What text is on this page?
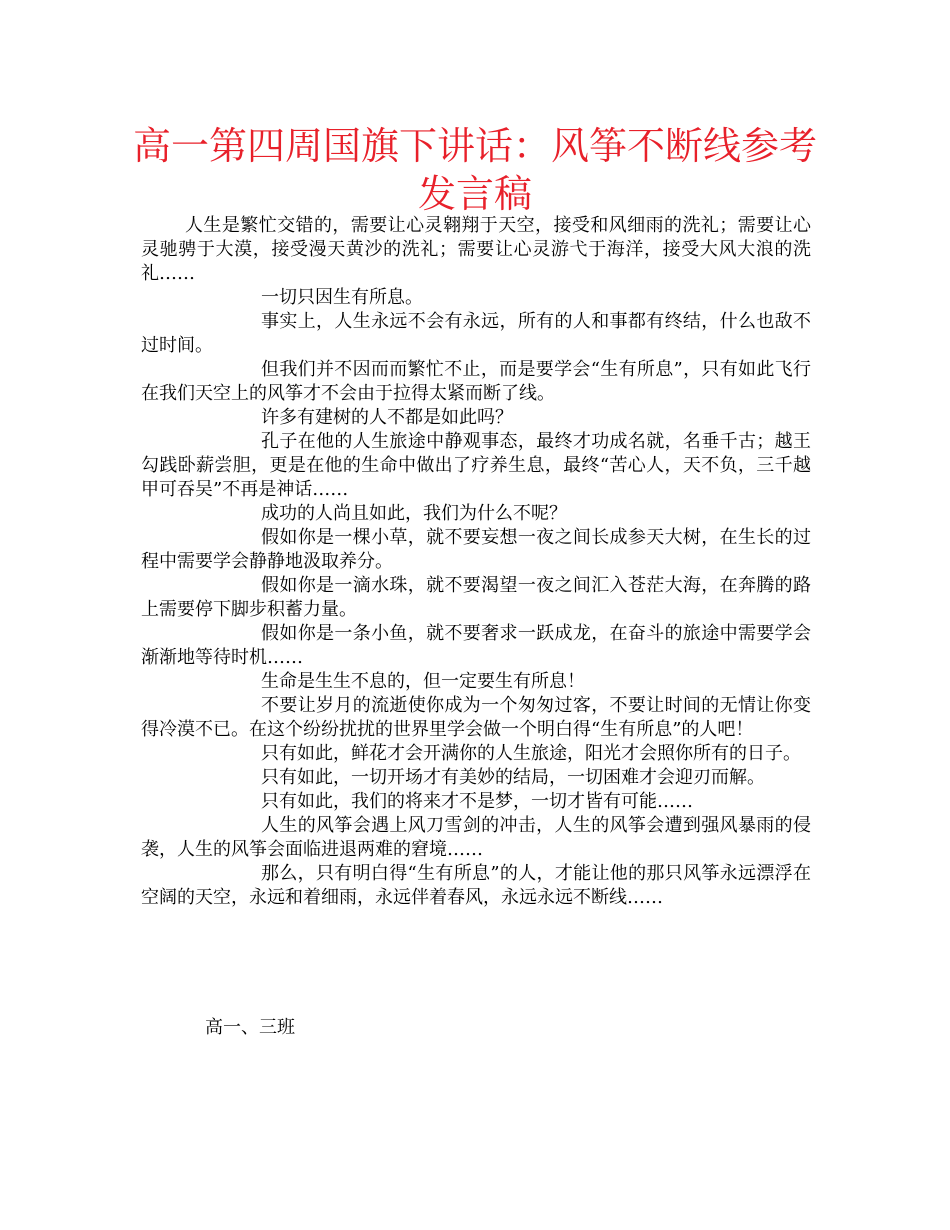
高一第四周国旗下讲话：风筝不断线参考发言稿

人生是繁忙交错的，需要让心灵翱翔于天空，接受和风细雨的洗礼；需要让心灵驰骋于大漠，接受漫天黄沙的洗礼；需要让心灵游弋于海洋，接受大风大浪的洗礼……

一切只因生有所息。

事实上，人生永远不会有永远，所有的人和事都有终结，什么也敌不过时间。

但我们并不因而而繁忙不止，而是要学会“生有所息”，只有如此飞行在我们天空上的风筝才不会由于拉得太紧而断了线。

许多有建树的人不都是如此吗？

孔子在他的人生旅途中静观事态，最终才功成名就，名垂千古；越王勾践卧薪尝胆，更是在他的生命中做出了疗养生息，最终“苦心人，天不负，三千越甲可吞吴”不再是神话……

成功的人尚且如此，我们为什么不呢？

假如你是一棵小草，就不要妄想一夜之间长成参天大树，在生长的过程中需要学会静静地汲取养分。

假如你是一滴水珠，就不要渴望一夜之间汇入苍茫大海，在奔腾的路上需要停下脚步积蓄力量。

假如你是一条小鱼，就不要奢求一跃成龙，在奋斗的旅途中需要学会渐渐地等待时机……

生命是生生不息的，但一定要生有所息！

不要让岁月的流逝使你成为一个匆匆过客，不要让时间的无情让你变得冷漠不已。在这个纷纷扰扰的世界里学会做一个明白得“生有所息”的人吧！

只有如此，鲜花才会开满你的人生旅途，阳光才会照你所有的日子。

只有如此，一切开场才有美妙的结局，一切困难才会迎刃而解。

只有如此，我们的将来才不是梦，一切才皆有可能……

人生的风筝会遇上风刀雪剑的冲击，人生的风筝会遭到强风暴雨的侵袭，人生的风筝会面临进退两难的窘境……

那么，只有明白得“生有所息”的人，才能让他的那只风筝永远漂浮在空阔的天空，永远和着细雨，永远伴着春风，永远永远不断线……

高一、三班
